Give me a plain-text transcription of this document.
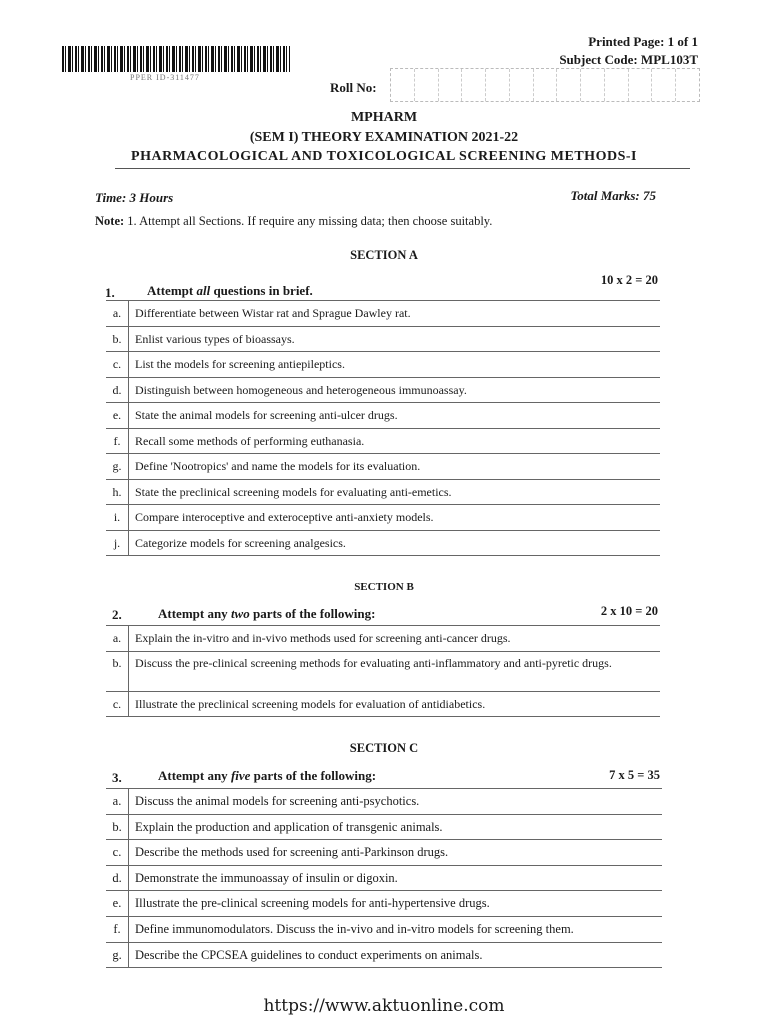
PPER ID-311477
Printed Page: 1 of 1
Subject Code: MPL103T
Roll No:
MPHARM
(SEM I) THEORY EXAMINATION 2021-22
PHARMACOLOGICAL AND TOXICOLOGICAL SCREENING METHODS-I
Time: 3 Hours	Total Marks: 75
Note: 1. Attempt all Sections. If require any missing data; then choose suitably.
SECTION A
1. Attempt all questions in brief.
10 x 2 = 20
a.	Differentiate between Wistar rat and Sprague Dawley rat.
b.	Enlist various types of bioassays.
c.	List the models for screening antiepileptics.
d.	Distinguish between homogeneous and heterogeneous immunoassay.
e.	State the animal models for screening anti-ulcer drugs.
f.	Recall some methods of performing euthanasia.
g.	Define 'Nootropics' and name the models for its evaluation.
h.	State the preclinical screening models for evaluating anti-emetics.
i.	Compare interoceptive and exteroceptive anti-anxiety models.
j.	Categorize models for screening analgesics.
SECTION B
2.	Attempt any two parts of the following:	2 x 10 = 20
a.	Explain the in-vitro and in-vivo methods used for screening anti-cancer drugs.
b.	Discuss the pre-clinical screening methods for evaluating anti-inflammatory and anti-pyretic drugs.
c.	Illustrate the preclinical screening models for evaluation of antidiabetics.
SECTION C
3.	Attempt any five parts of the following:	7 x 5 = 35
a.	Discuss the animal models for screening anti-psychotics.
b.	Explain the production and application of transgenic animals.
c.	Describe the methods used for screening anti-Parkinson drugs.
d.	Demonstrate the immunoassay of insulin or digoxin.
e.	Illustrate the pre-clinical screening models for anti-hypertensive drugs.
f.	Define immunomodulators. Discuss the in-vivo and in-vitro models for screening them.
g.	Describe the CPCSEA guidelines to conduct experiments on animals.
https://www.aktuonline.com
